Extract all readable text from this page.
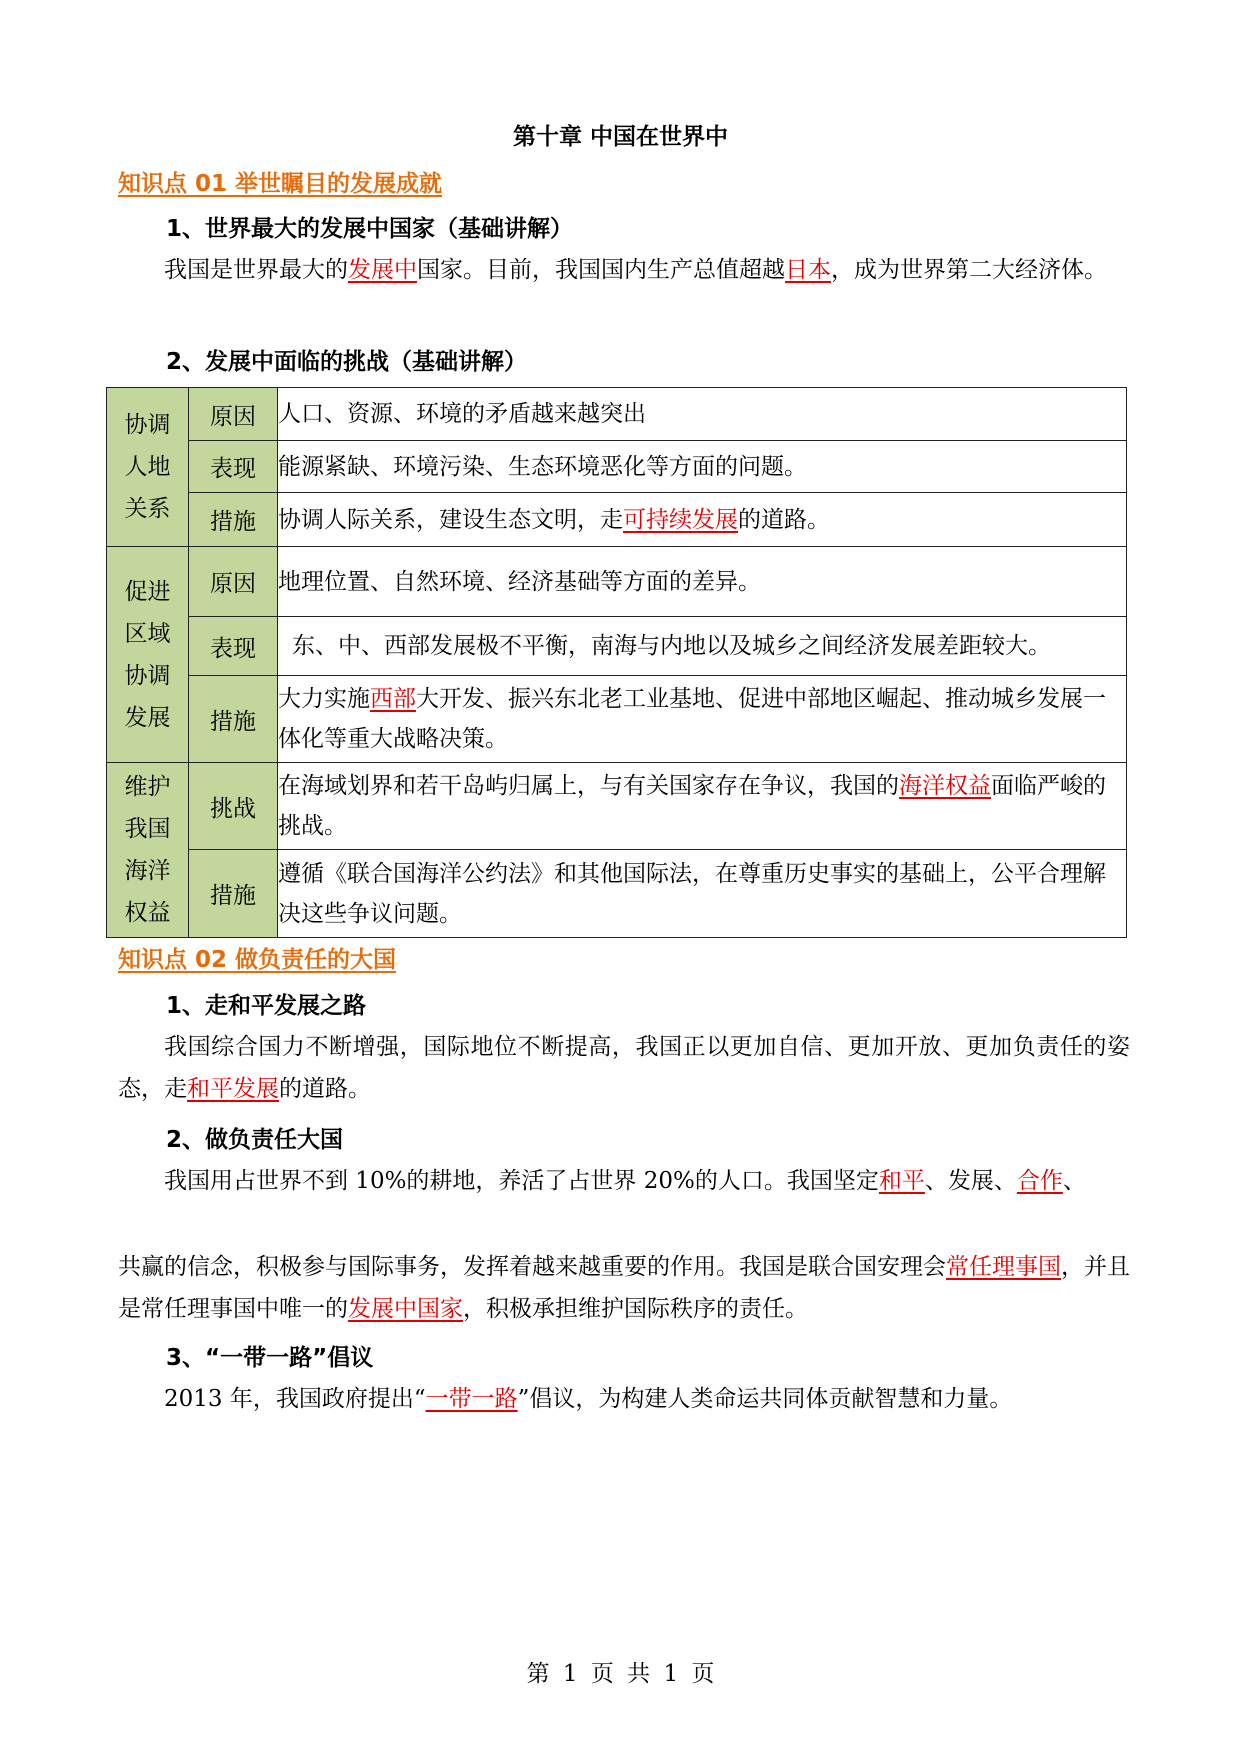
第十章 中国在世界中
知识点 01 举世瞩目的发展成就
1、世界最大的发展中国家（基础讲解）

我国是世界最大的发展中国家。目前，我国国内生产总值超越日本，成为世界第二大经济体。

2、发展中面临的挑战（基础讲解）
协调
人地
关系	原因	人口、资源、环境的矛盾越来越突出
	表现	能源紧缺、环境污染、生态环境恶化等方面的问题。
	措施	协调人际关系，建设生态文明，走可持续发展的道路。
促进
区域
协调
发展	原因	地理位置、自然环境、经济基础等方面的差异。
	表现	东、中、西部发展极不平衡，南海与内地以及城乡之间经济发展差距较大。
	措施	大力实施西部大开发、振兴东北老工业基地、促进中部地区崛起、推动城乡发展一体化等重大战略决策。
维护
我国
海洋
权益	挑战	在海域划界和若干岛屿归属上，与有关国家存在争议，我国的海洋权益面临严峻的挑战。
	措施	遵循《联合国海洋公约法》和其他国际法，在尊重历史事实的基础上，公平合理解决这些争议问题。
知识点 02 做负责任的大国
1、走和平发展之路

我国综合国力不断增强，国际地位不断提高，我国正以更加自信、更加开放、更加负责任的姿态，走和平发展的道路。

2、做负责任大国

我国用占世界不到 10%的耕地，养活了占世界 20%的人口。我国坚定和平、发展、合作、

共赢的信念，积极参与国际事务，发挥着越来越重要的作用。我国是联合国安理会常任理事国，并且是常任理事国中唯一的发展中国家，积极承担维护国际秩序的责任。

3、“一带一路”倡议

2013 年，我国政府提出“一带一路”倡议，为构建人类命运共同体贡献智慧和力量。

第 1 页 共 1 页
